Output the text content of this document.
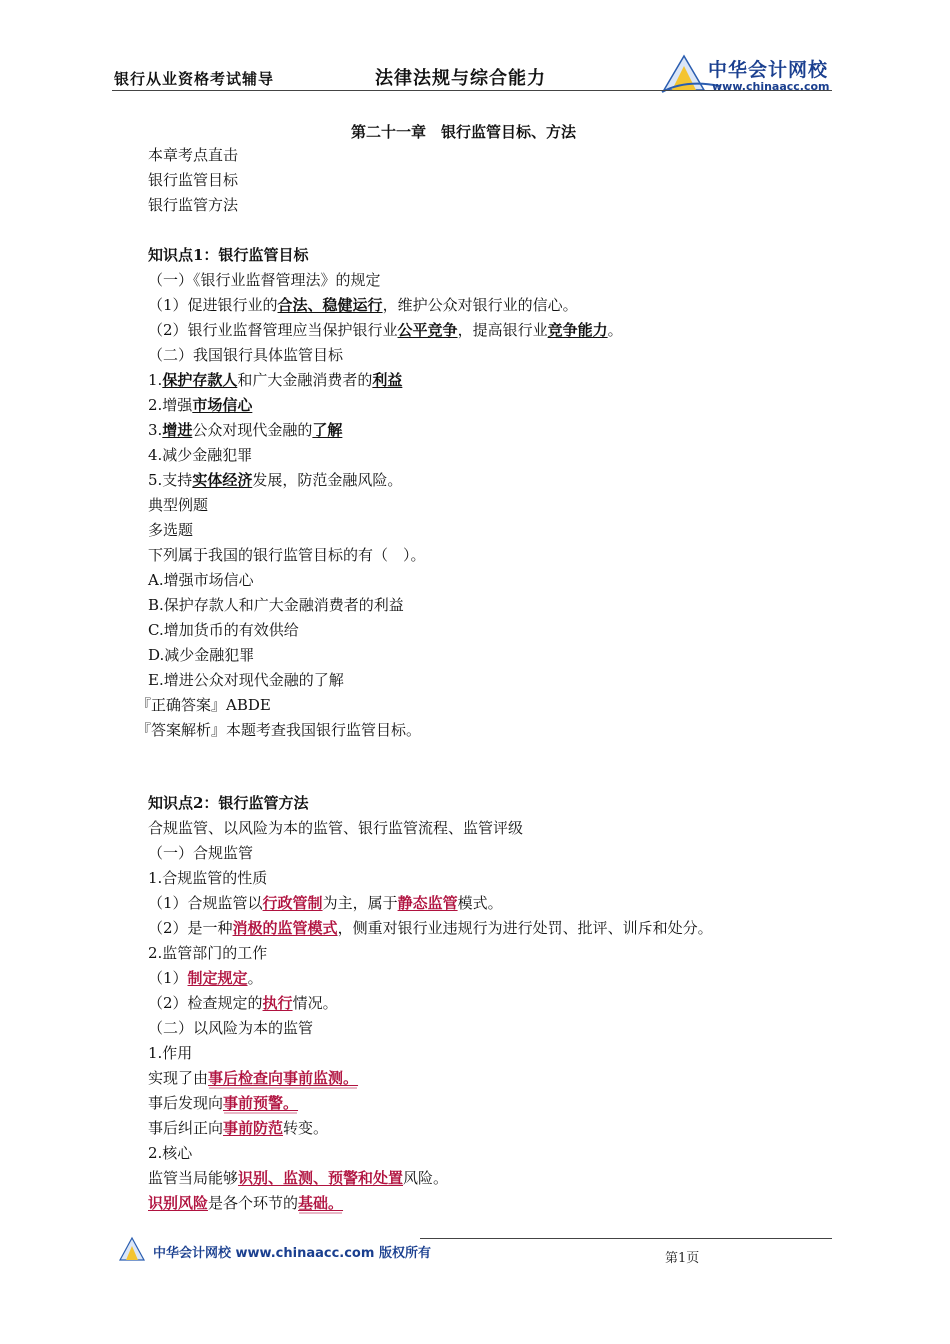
银行从业资格考试辅导	法律法规与综合能力	中华会计网校
www.chinaacc.com
第二十一章　银行监管目标、方法
本章考点直击
银行监管目标
银行监管方法
知识点1：银行监管目标
（一）《银行业监督管理法》的规定
（1）促进银行业的合法、稳健运行，维护公众对银行业的信心。
（2）银行业监督管理应当保护银行业公平竞争，提高银行业竞争能力。
（二）我国银行具体监管目标
1.保护存款人和广大金融消费者的利益
2.增强市场信心
3.增进公众对现代金融的了解
4.减少金融犯罪
5.支持实体经济发展，防范金融风险。
典型例题
多选题
下列属于我国的银行监管目标的有（　）。
A.增强市场信心
B.保护存款人和广大金融消费者的利益
C.增加货币的有效供给
D.减少金融犯罪
E.增进公众对现代金融的了解
『正确答案』ABDE
『答案解析』本题考查我国银行监管目标。
知识点2：银行监管方法
合规监管、以风险为本的监管、银行监管流程、监管评级
（一）合规监管
1.合规监管的性质
（1）合规监管以行政管制为主，属于静态监管模式。
（2）是一种消极的监管模式，侧重对银行业违规行为进行处罚、批评、训斥和处分。
2.监管部门的工作
（1）制定规定。
（2）检查规定的执行情况。
（二）以风险为本的监管
1.作用
实现了由事后检查向事前监测。
事后发现向事前预警。
事后纠正向事前防范转变。
2.核心
监管当局能够识别、监测、预警和处置风险。
识别风险是各个环节的基础。
中华会计网校 www.chinaacc.com 版权所有	第1页
